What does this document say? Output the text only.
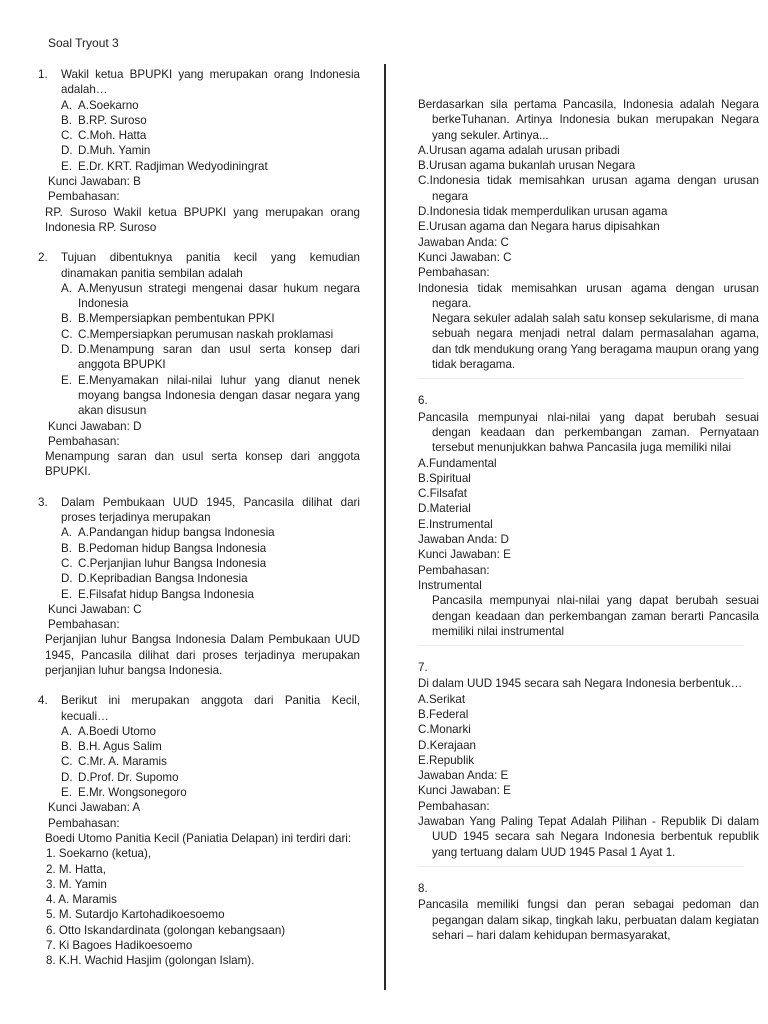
Soal Tryout 3
1.	Wakil ketua BPUPKI yang merupakan orang Indonesia adalah…
A. A.Soekarno
B. B.RP. Suroso
C. C.Moh. Hatta
D. D.Muh. Yamin
E. E.Dr. KRT. Radjiman Wedyodiningrat
Kunci Jawaban: B
Pembahasan:
RP. Suroso Wakil ketua BPUPKI yang merupakan orang Indonesia RP. Suroso
2.	Tujuan dibentuknya panitia kecil yang kemudian dinamakan panitia sembilan adalah
A. A.Menyusun strategi mengenai dasar hukum negara Indonesia
B. B.Mempersiapkan pembentukan PPKI
C. C.Mempersiapkan perumusan naskah proklamasi
D. D.Menampung saran dan usul serta konsep dari anggota BPUPKI
E. E.Menyamakan nilai-nilai luhur yang dianut nenek moyang bangsa Indonesia dengan dasar negara yang akan disusun
Kunci Jawaban: D
Pembahasan:
Menampung saran dan usul serta konsep dari anggota BPUPKI.
3.	Dalam Pembukaan UUD 1945, Pancasila dilihat dari proses terjadinya merupakan
A. A.Pandangan hidup bangsa Indonesia
B. B.Pedoman hidup Bangsa Indonesia
C. C.Perjanjian luhur Bangsa Indonesia
D. D.Kepribadian Bangsa Indonesia
E. E.Filsafat hidup Bangsa Indonesia
Kunci Jawaban: C
Pembahasan:
Perjanjian luhur Bangsa Indonesia Dalam Pembukaan UUD 1945, Pancasila dilihat dari proses terjadinya merupakan perjanjian luhur bangsa Indonesia.
4.	Berikut ini merupakan anggota dari Panitia Kecil, kecuali…
A. A.Boedi Utomo
B. B.H. Agus Salim
C. C.Mr. A. Maramis
D. D.Prof. Dr. Supomo
E. E.Mr. Wongsonegoro
Kunci Jawaban: A
Pembahasan:
Boedi Utomo Panitia Kecil (Paniatia Delapan) ini terdiri dari:
1. Soekarno (ketua),
2. M. Hatta,
3. M. Yamin
4. A. Maramis
5. M. Sutardjo Kartohadikoesoemo
6. Otto Iskandardinata (golongan kebangsaan)
7. Ki Bagoes Hadikoesoemo
8. K.H. Wachid Hasjim (golongan Islam).
Berdasarkan sila pertama Pancasila, Indonesia adalah Negara berkeTuhanan. Artinya Indonesia bukan merupakan Negara yang sekuler. Artinya...
A.Urusan agama adalah urusan pribadi
B.Urusan agama bukanlah urusan Negara
C.Indonesia tidak memisahkan urusan agama dengan urusan negara
D.Indonesia tidak memperdulikan urusan agama
E.Urusan agama dan Negara harus dipisahkan
Jawaban Anda: C
Kunci Jawaban: C
Pembahasan:
Indonesia tidak memisahkan urusan agama dengan urusan negara.
Negara sekuler adalah salah satu konsep sekularisme, di mana sebuah negara menjadi netral dalam permasalahan agama, dan tdk mendukung orang Yang beragama maupun orang yang tidak beragama.
6.
Pancasila mempunyai nlai-nilai yang dapat berubah sesuai dengan keadaan dan perkembangan zaman. Pernyataan tersebut menunjukkan bahwa Pancasila juga memiliki nilai
A.Fundamental
B.Spiritual
C.Filsafat
D.Material
E.Instrumental
Jawaban Anda: D
Kunci Jawaban: E
Pembahasan:
Instrumental
Pancasila mempunyai nlai-nilai yang dapat berubah sesuai dengan keadaan dan perkembangan zaman berarti Pancasila memiliki nilai instrumental
7.
Di dalam UUD 1945 secara sah Negara Indonesia berbentuk…
A.Serikat
B.Federal
C.Monarki
D.Kerajaan
E.Republik
Jawaban Anda: E
Kunci Jawaban: E
Pembahasan:
Jawaban Yang Paling Tepat Adalah Pilihan - Republik Di dalam UUD 1945 secara sah Negara Indonesia berbentuk republik yang tertuang dalam UUD 1945 Pasal 1 Ayat 1.
8.
Pancasila memiliki fungsi dan peran sebagai pedoman dan pegangan dalam sikap, tingkah laku, perbuatan dalam kegiatan sehari – hari dalam kehidupan bermasyarakat,
